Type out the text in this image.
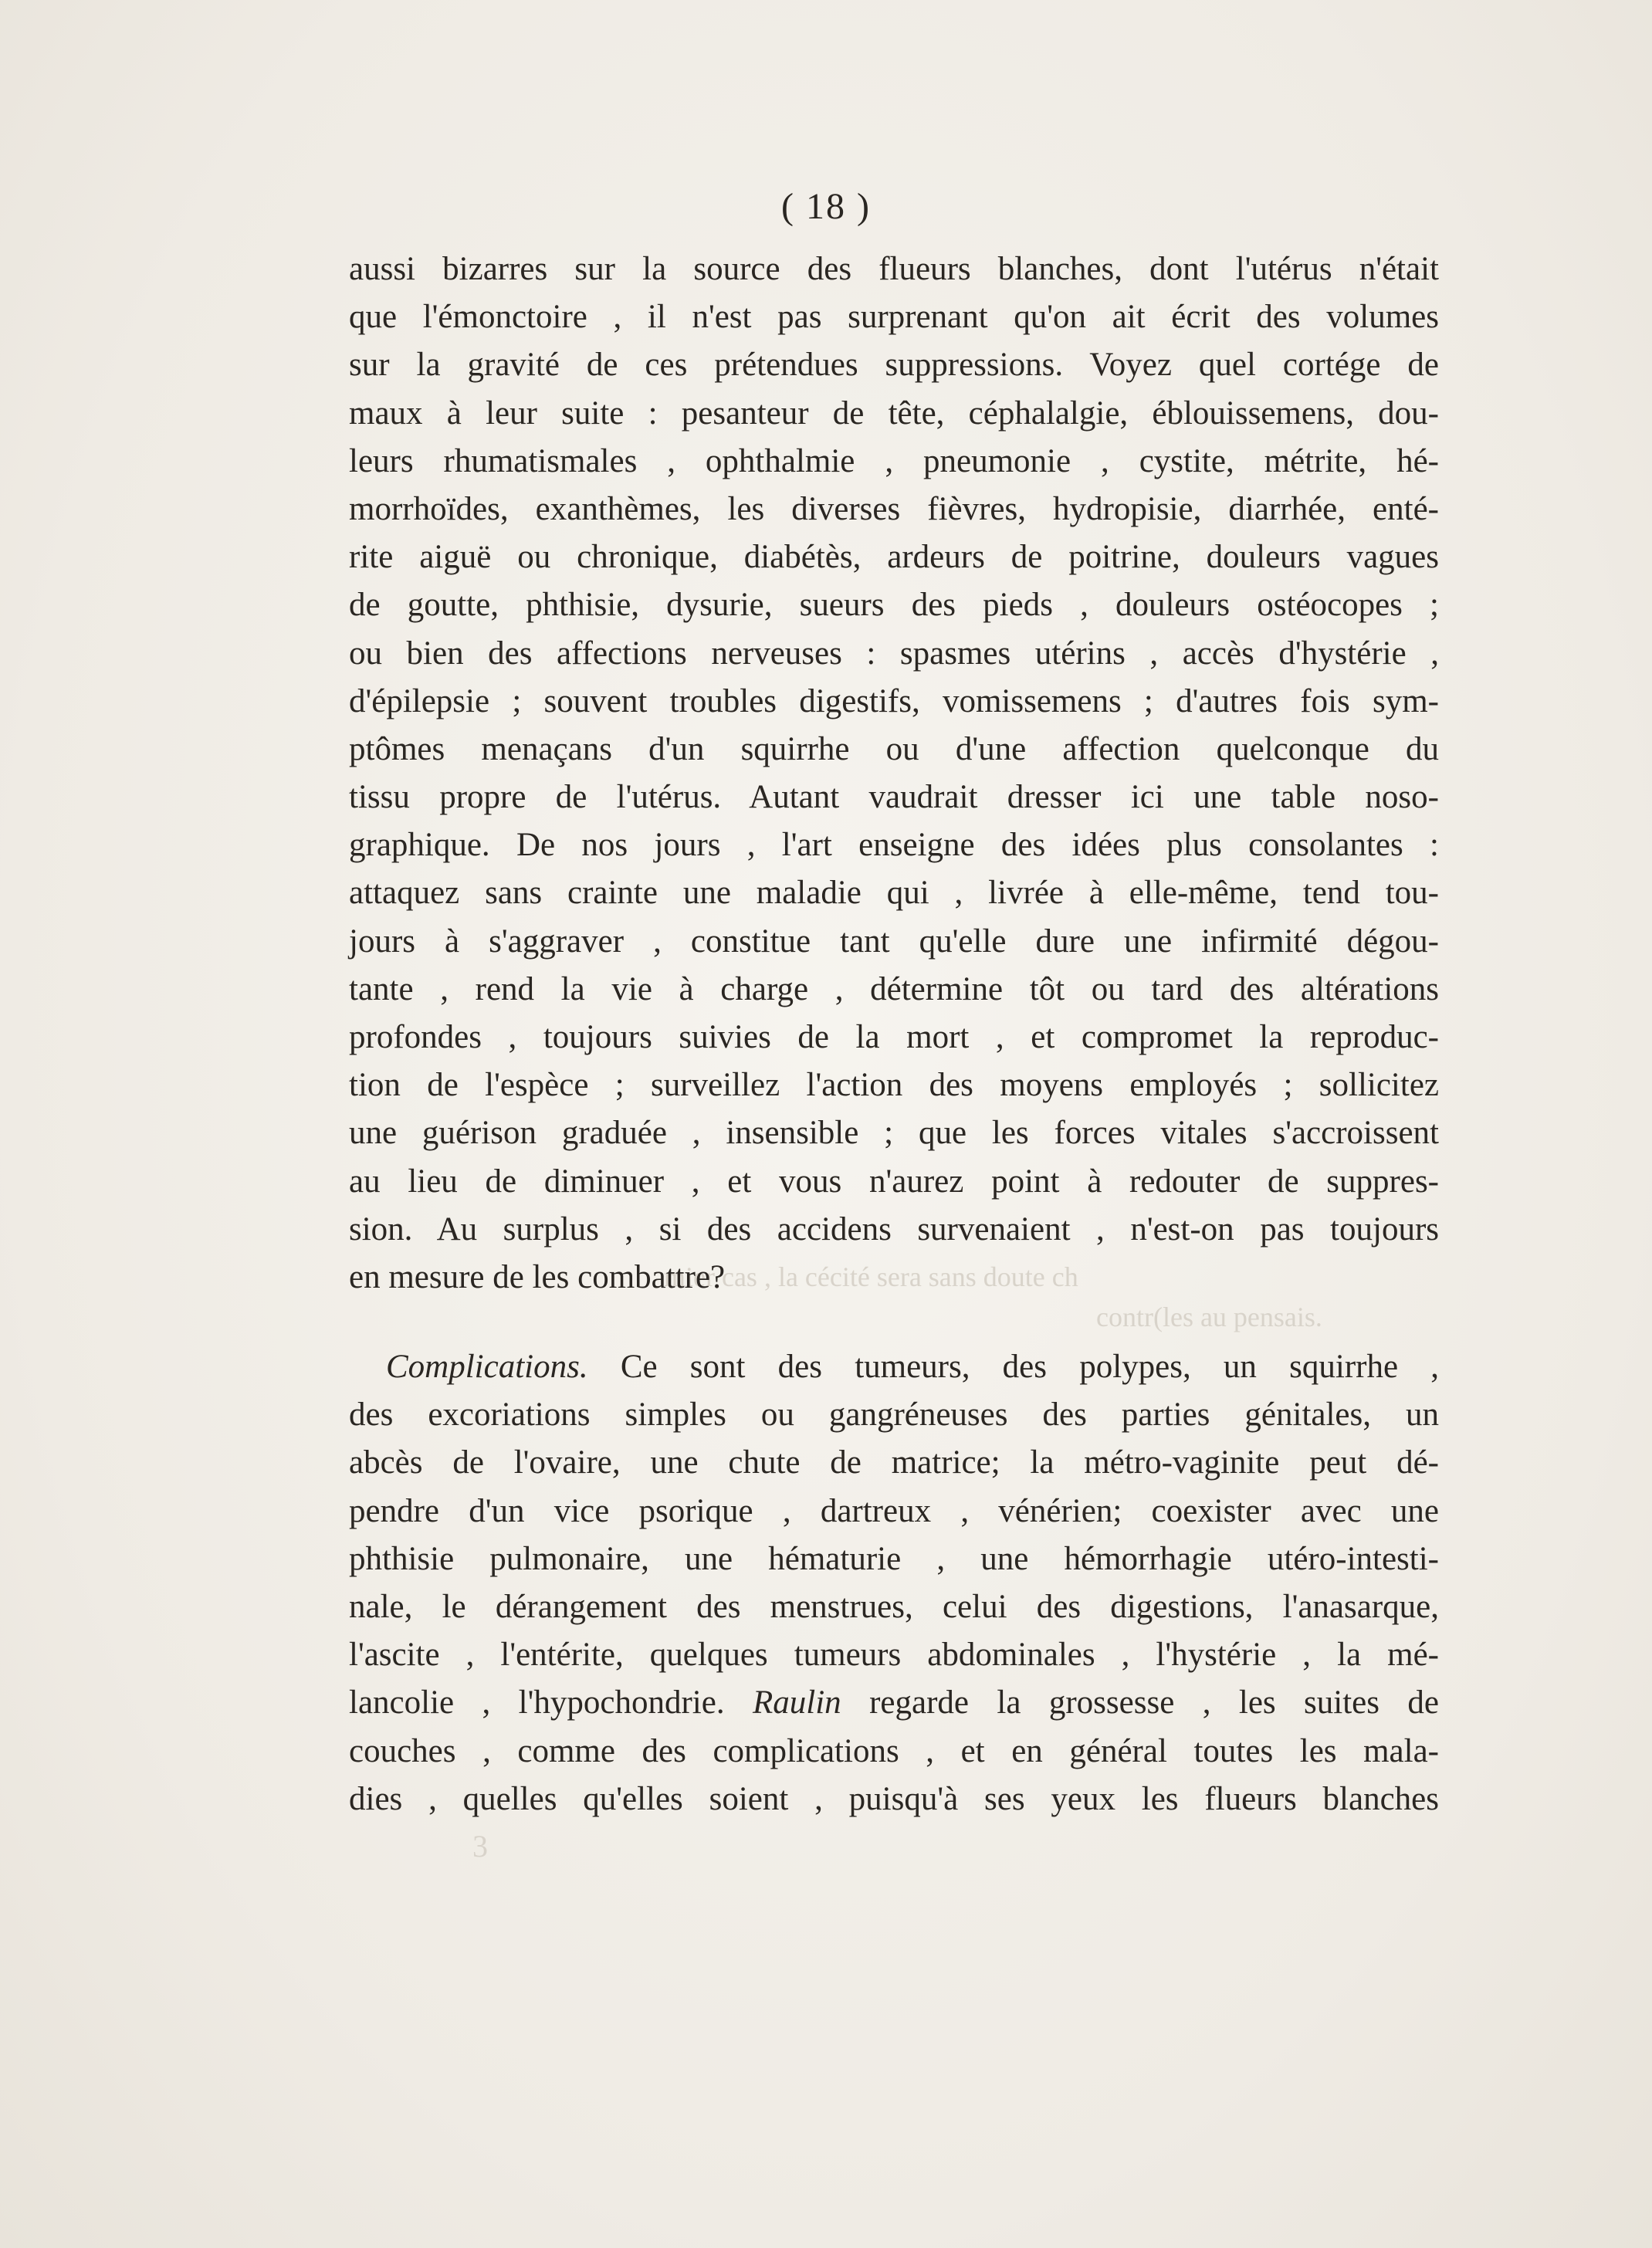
mier cas , la cécité sera sans doute ch
contr(les au pensais.
3
( 18 )
aussi bizarres sur la source des flueurs blanches, dont l'utérus n'était
que l'émonctoire , il n'est pas surprenant qu'on ait écrit des volumes
sur la gravité de ces prétendues suppressions. Voyez quel cortége de
maux à leur suite : pesanteur de tête, céphalalgie, éblouissemens, dou-
leurs rhumatismales , ophthalmie , pneumonie , cystite, métrite, hé-
morrhoïdes, exanthèmes, les diverses fièvres, hydropisie, diarrhée, enté-
rite aiguë ou chronique, diabétès, ardeurs de poitrine, douleurs vagues
de goutte, phthisie, dysurie, sueurs des pieds , douleurs ostéocopes ;
ou bien des affections nerveuses : spasmes utérins , accès d'hystérie ,
d'épilepsie ; souvent troubles digestifs, vomissemens ; d'autres fois sym-
ptômes menaçans d'un squirrhe ou d'une affection quelconque du
tissu propre de l'utérus. Autant vaudrait dresser ici une table noso-
graphique. De nos jours , l'art enseigne des idées plus consolantes :
attaquez sans crainte une maladie qui , livrée à elle-même, tend tou-
jours à s'aggraver , constitue tant qu'elle dure une infirmité dégou-
tante , rend la vie à charge , détermine tôt ou tard des altérations
profondes , toujours suivies de la mort , et compromet la reproduc-
tion de l'espèce ; surveillez l'action des moyens employés ; sollicitez
une guérison graduée , insensible ; que les forces vitales s'accroissent
au lieu de diminuer , et vous n'aurez point à redouter de suppres-
sion. Au surplus , si des accidens survenaient , n'est-on pas toujours
en mesure de les combattre?
Complications. Ce sont des tumeurs, des polypes, un squirrhe ,
des excoriations simples ou gangréneuses des parties génitales, un
abcès de l'ovaire, une chute de matrice; la métro-vaginite peut dé-
pendre d'un vice psorique , dartreux , vénérien; coexister avec une
phthisie pulmonaire, une hématurie , une hémorrhagie utéro-intesti-
nale, le dérangement des menstrues, celui des digestions, l'anasarque,
l'ascite , l'entérite, quelques tumeurs abdominales , l'hystérie , la mé-
lancolie , l'hypochondrie. Raulin regarde la grossesse , les suites de
couches , comme des complications , et en général toutes les mala-
dies , quelles qu'elles soient , puisqu'à ses yeux les flueurs blanches
